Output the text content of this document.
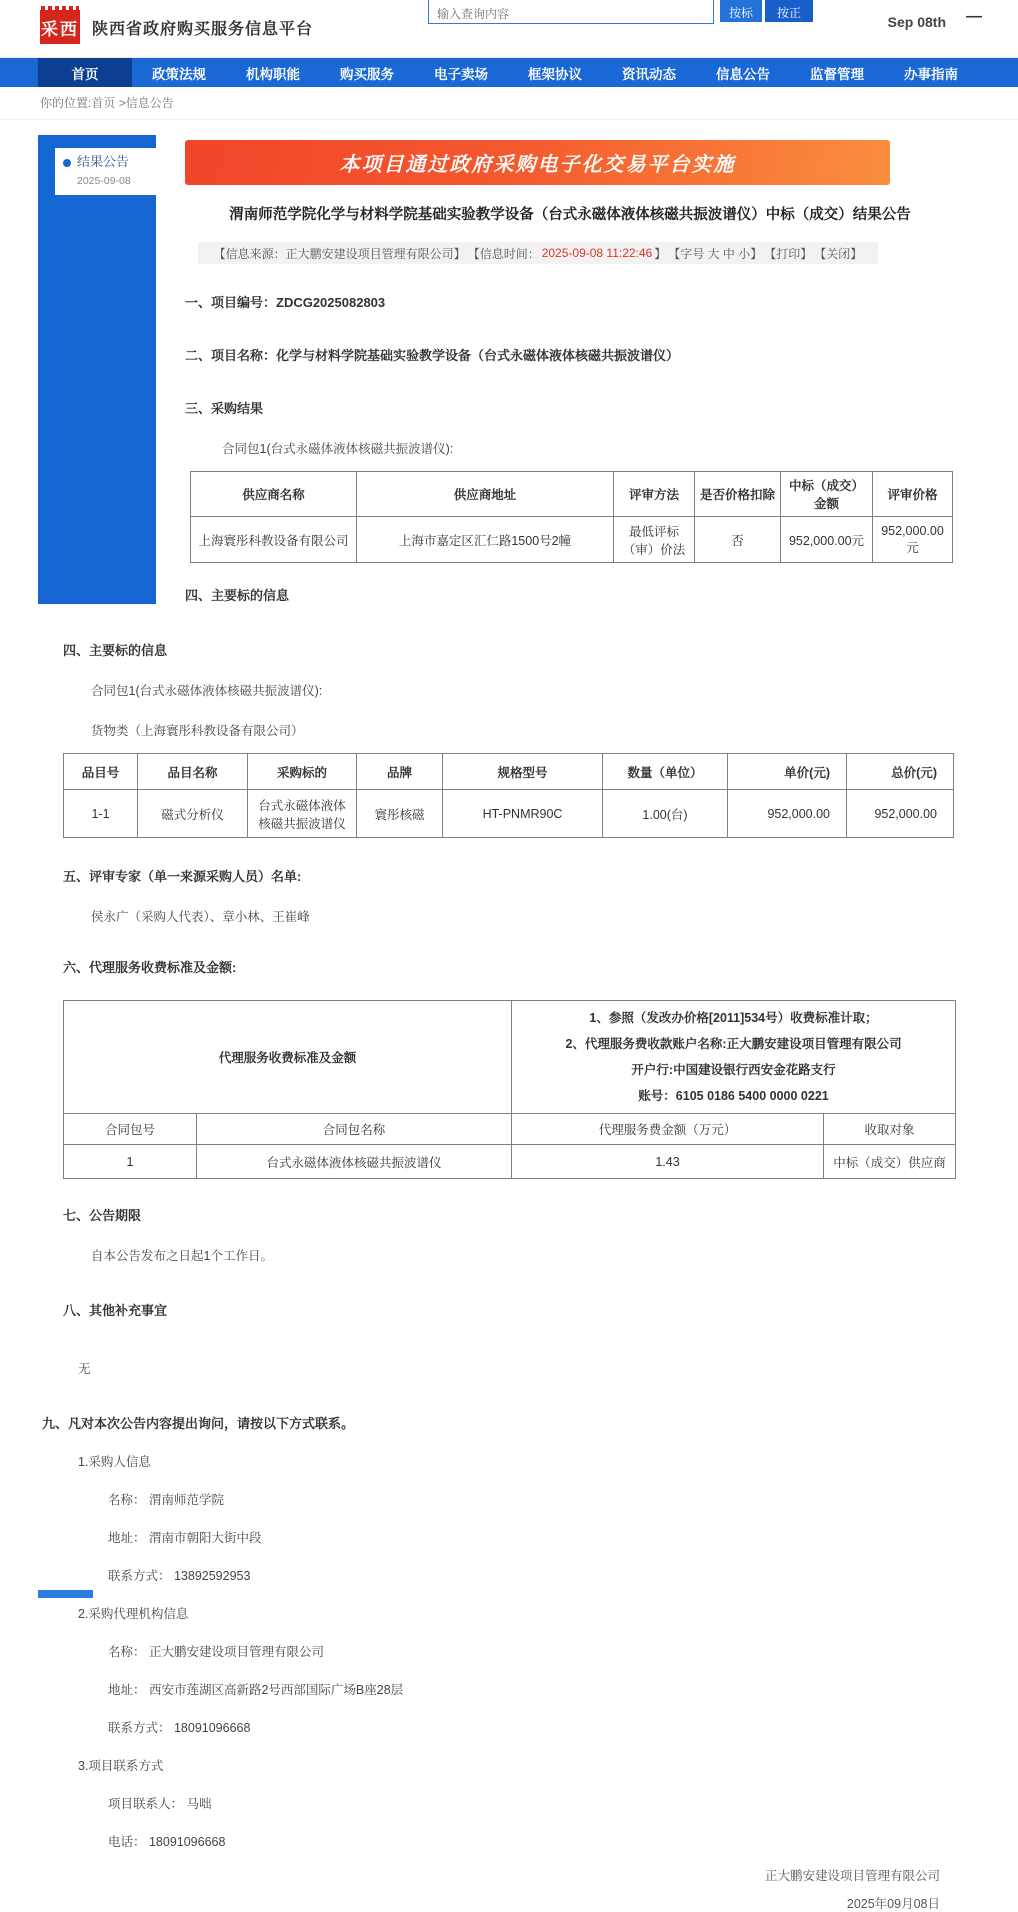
采西 陕西省政府购买服务信息平台
输入查询内容
按标题
按正文	Sep 08th —
首页	政策法规	机构职能	购买服务	电子卖场	框架协议	资讯动态	信息公告	监督管理	办事指南
你的位置:首页 >信息公告
结果公告
2025-09-08
本项目通过政府采购电子化交易平台实施
渭南师范学院化学与材料学院基础实验教学设备（台式永磁体液体核磁共振波谱仪）中标（成交）结果公告
【信息来源：正大鹏安建设项目管理有限公司】 【信息时间： 2025-09-08 11:22:46 】 【字号 大 中 小】 【打印】 【关闭】
一、项目编号：ZDCG2025082803
二、项目名称：化学与材料学院基础实验教学设备（台式永磁体液体核磁共振波谱仪）
三、采购结果
合同包1(台式永磁体液体核磁共振波谱仪):
供应商名称	供应商地址	评审方法	是否价格扣除	中标（成交）金额	评审价格
上海寰彤科教设备有限公司	上海市嘉定区汇仁路1500号2幢	最低评标（审）价法	否	952,000.00元	952,000.00元
四、主要标的信息
四、主要标的信息
合同包1(台式永磁体液体核磁共振波谱仪):
货物类（上海寰彤科教设备有限公司）
品目号	品目名称	采购标的	品牌	规格型号	数量（单位）	单价(元)	总价(元)
1-1	磁式分析仪	台式永磁体液体核磁共振波谱仪	寰彤核磁	HT-PNMR90C	1.00(台)	952,000.00	952,000.00
五、评审专家（单一来源采购人员）名单:
侯永广（采购人代表）、章小林、王崔峰
六、代理服务收费标准及金额:
代理服务收费标准及金额		1、参照（发改办价格[2011]534号）收费标准计取；
2、代理服务费收款账户名称:正大鹏安建设项目管理有限公司
开户行:中国建设银行西安金花路支行
账号：6105 0186 5400 0000 0221	

合同包号	合同包名称	代理服务费金额（万元）	收取对象
1	台式永磁体液体核磁共振波谱仪	1.43	中标（成交）供应商
七、公告期限
自本公告发布之日起1个工作日。
八、其他补充事宜
无
九、凡对本次公告内容提出询问，请按以下方式联系。
1.采购人信息
名称： 渭南师范学院
地址： 渭南市朝阳大街中段
联系方式： 13892592953
2.采购代理机构信息
名称： 正大鹏安建设项目管理有限公司
地址： 西安市莲湖区高新路2号西部国际广场B座28层
联系方式： 18091096668
3.项目联系方式
项目联系人： 马咄
电话： 18091096668
正大鹏安建设项目管理有限公司
2025年09月08日
